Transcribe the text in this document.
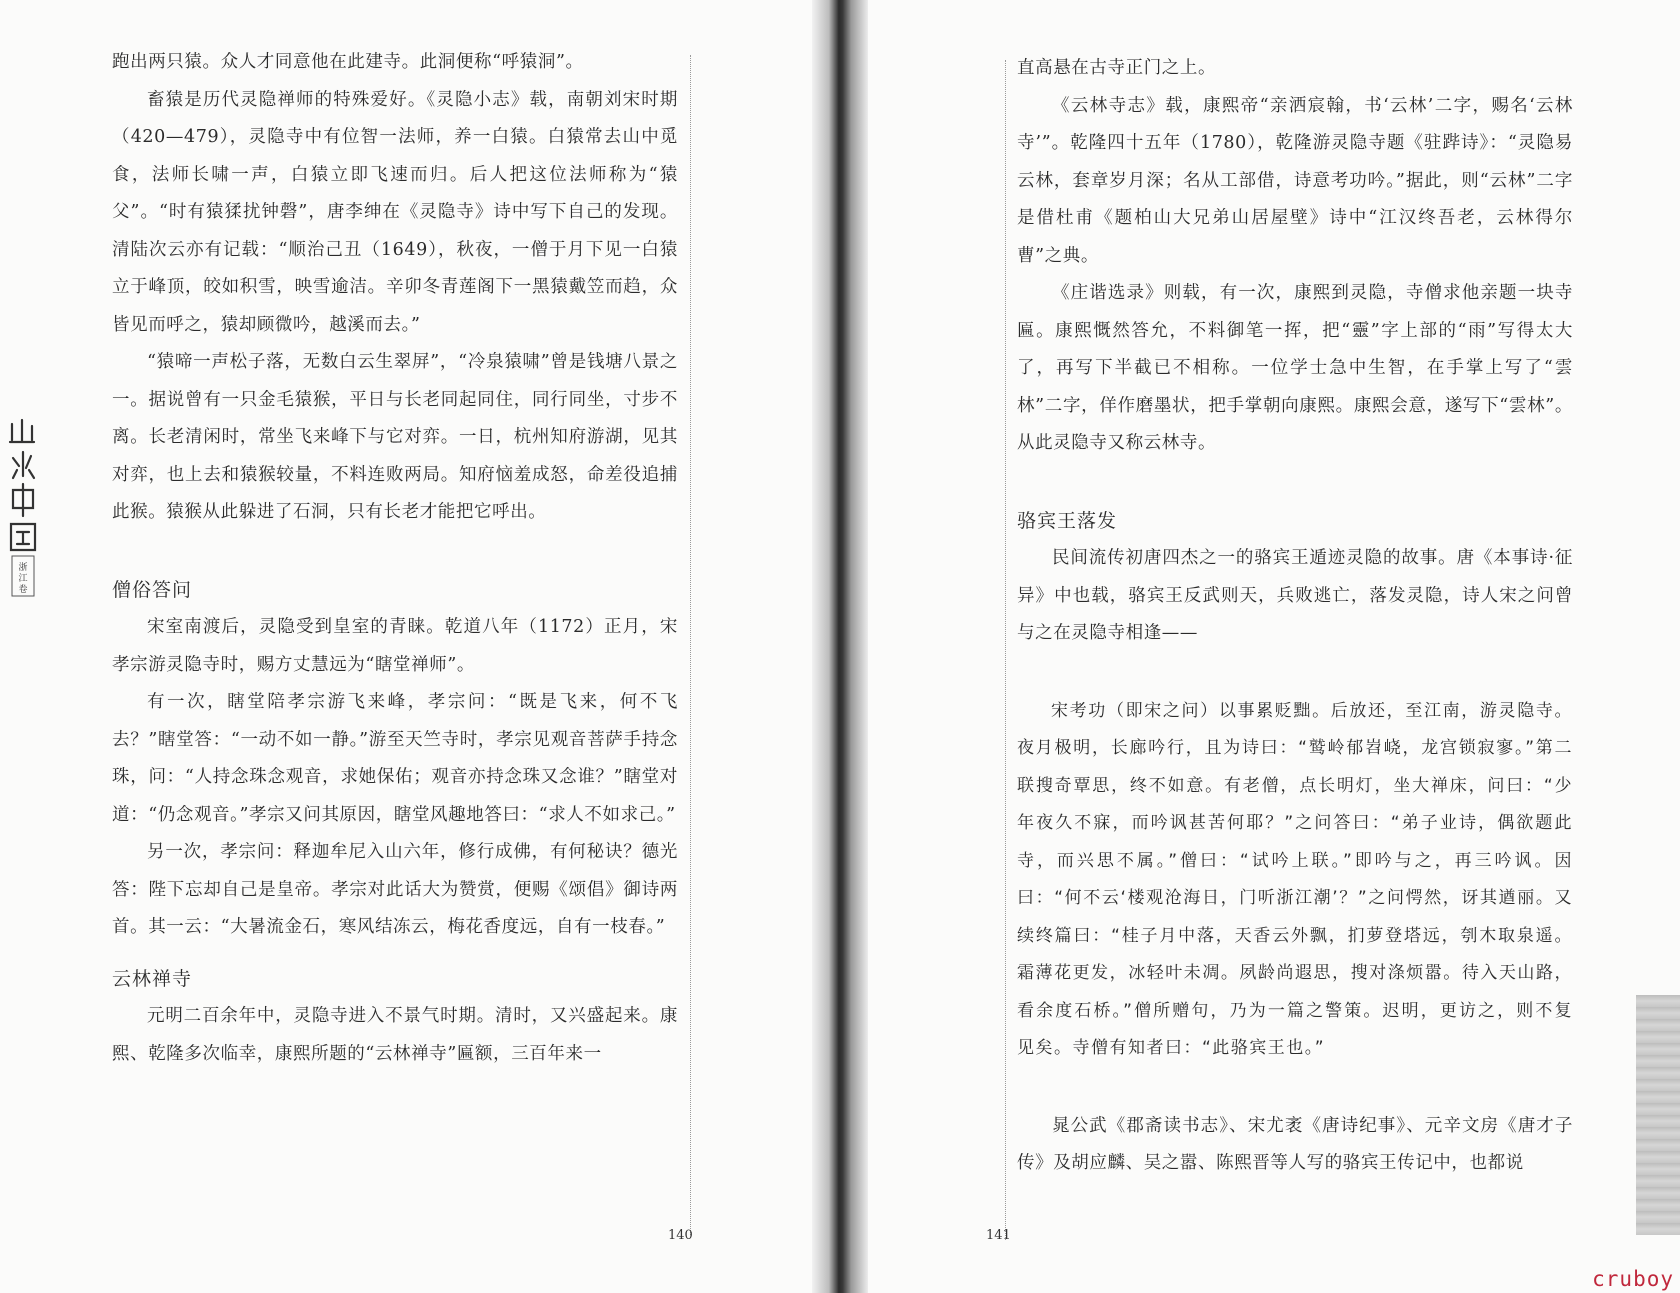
浙
江
卷

跑出两只猿。众人才同意他在此建寺。此洞便称“呼猿洞”。

畜猿是历代灵隐禅师的特殊爱好。《灵隐小志》载，南朝刘宋时期（420—479），灵隐寺中有位智一法师，养一白猿。白猿常去山中觅食，法师长啸一声，白猿立即飞速而归。后人把这位法师称为“猿父”。“时有猿猱扰钟磬”，唐李绅在《灵隐寺》诗中写下自己的发现。清陆次云亦有记载：“顺治己丑（1649），秋夜，一僧于月下见一白猿立于峰顶，皎如积雪，映雪逾洁。辛卯冬青莲阁下一黑猿戴笠而趋，众皆见而呼之，猿却顾微吟，越溪而去。”

“猿啼一声松子落，无数白云生翠屏”，“冷泉猿啸”曾是钱塘八景之一。据说曾有一只金毛猿猴，平日与长老同起同住，同行同坐，寸步不离。长老清闲时，常坐飞来峰下与它对弈。一日，杭州知府游湖，见其对弈，也上去和猿猴较量，不料连败两局。知府恼羞成怒，命差役追捕此猴。猿猴从此躲进了石洞，只有长老才能把它呼出。

僧俗答问

宋室南渡后，灵隐受到皇室的青睐。乾道八年（1172）正月，宋孝宗游灵隐寺时，赐方丈慧远为“瞎堂禅师”。

有一次，瞎堂陪孝宗游飞来峰，孝宗问：“既是飞来，何不飞去？”瞎堂答：“一动不如一静。”游至天竺寺时，孝宗见观音菩萨手持念珠，问：“人持念珠念观音，求她保佑；观音亦持念珠又念谁？”瞎堂对道：“仍念观音。”孝宗又问其原因，瞎堂风趣地答曰：“求人不如求己。”

另一次，孝宗问：释迦牟尼入山六年，修行成佛，有何秘诀？德光答：陛下忘却自己是皇帝。孝宗对此话大为赞赏，便赐《颂倡》御诗两首。其一云：“大暑流金石，寒风结冻云，梅花香度远，自有一枝春。”

云林禅寺

元明二百余年中，灵隐寺进入不景气时期。清时，又兴盛起来。康熙、乾隆多次临幸，康熙所题的“云林禅寺”匾额，三百年来一

140

直高悬在古寺正门之上。

《云林寺志》载，康熙帝“亲洒宸翰，书‘云林’二字，赐名‘云林寺’”。乾隆四十五年（1780），乾隆游灵隐寺题《驻跸诗》：“灵隐易云林，套章岁月深；名从工部借，诗意考功吟。”据此，则“云林”二字是借杜甫《题柏山大兄弟山居屋壁》诗中“江汉终吾老，云林得尔曹”之典。

《庄谐选录》则载，有一次，康熙到灵隐，寺僧求他亲题一块寺匾。康熙慨然答允，不料御笔一挥，把“靈”字上部的“雨”写得太大了，再写下半截已不相称。一位学士急中生智，在手掌上写了“雲林”二字，佯作磨墨状，把手掌朝向康熙。康熙会意，遂写下“雲林”。从此灵隐寺又称云林寺。

骆宾王落发

民间流传初唐四杰之一的骆宾王遁迹灵隐的故事。唐《本事诗·征异》中也载，骆宾王反武则天，兵败逃亡，落发灵隐，诗人宋之问曾与之在灵隐寺相逢——

宋考功（即宋之问）以事累贬黜。后放还，至江南，游灵隐寺。夜月极明，长廊吟行，且为诗曰：“鹫岭郁岧峣，龙宫锁寂寥。”第二联搜奇覃思，终不如意。有老僧，点长明灯，坐大禅床，问曰：“少年夜久不寐，而吟讽甚苦何耶？”之问答曰：“弟子业诗，偶欲题此寺，而兴思不属。”僧曰：“试吟上联。”即吟与之，再三吟讽。因曰：“何不云‘楼观沧海日，门听浙江潮’？”之问愕然，讶其遒丽。又续终篇曰：“桂子月中落，天香云外飘，扪萝登塔远，刳木取泉遥。霜薄花更发，冰轻叶未凋。夙龄尚遐思，搜对涤烦嚣。待入天山路，看余度石桥。”僧所赠句，乃为一篇之警策。迟明，更访之，则不复见矣。寺僧有知者曰：“此骆宾王也。”

晁公武《郡斋读书志》、宋尤袤《唐诗纪事》、元辛文房《唐才子传》及胡应麟、吴之嚣、陈熙晋等人写的骆宾王传记中，也都说

141
cruboy
